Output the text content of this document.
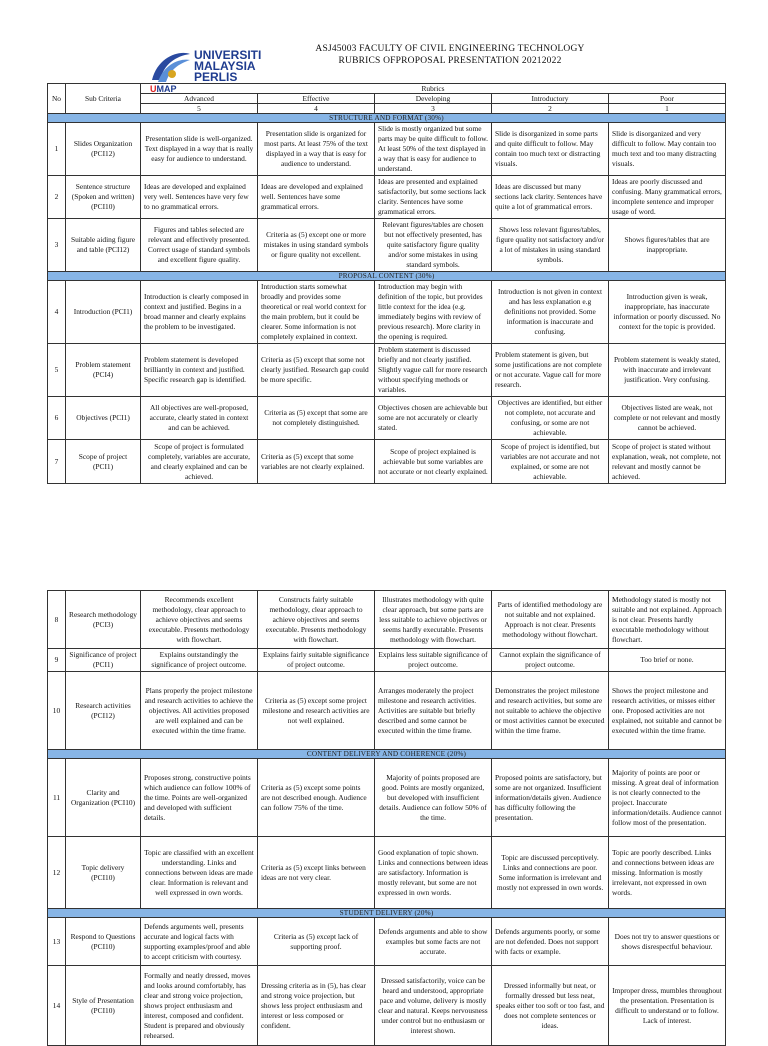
UNIVERSITI
MALAYSIA
PERLIS
UMAP
ASJ45003 FACULTY OF CIVIL ENGINEERING TECHNOLOGY
RUBRICS OFPROPOSAL PRESENTATION 20212022
No	Sub Criteria	Rubrics				
		Advanced	Effective	Developing	Introductory	Poor
		5	4	3	2	1
STRUCTURE AND FORMAT (30%)						
1	Slides Organization (PCI12)	Presentation slide is well-organized. Text displayed in a way that is really easy for audience to understand.	Presentation slide is organized for most parts. At least 75% of the text displayed in a way that is easy for audience to understand.	Slide is mostly organized but some parts may be quite difficult to follow. At least 50% of the text displayed in a way that is easy for audience to understand.	Slide is disorganized in some parts and quite difficult to follow. May contain too much text or distracting visuals.	Slide is disorganized and very difficult to follow. May contain too much text and too many distracting visuals.
2	Sentence structure (Spoken and written) (PCI10)	Ideas are developed and explained very well. Sentences have very few to no grammatical errors.	Ideas are developed and explained well. Sentences have some grammatical errors.	Ideas are presented and explained satisfactorily, but some sections lack clarity. Sentences have some grammatical errors.	Ideas are discussed but many sections lack clarity. Sentences have quite a lot of grammatical errors.	Ideas are poorly discussed and confusing. Many grammatical errors, incomplete sentence and improper usage of word.
3	Suitable aiding figure and table (PCI12)	Figures and tables selected are relevant and effectively presented. Correct usage of standard symbols and excellent figure quality.	Criteria as (5) except one or more mistakes in using standard symbols or figure quality not excellent.	Relevant figures/tables are chosen but not effectively presented, has quite satisfactory figure quality and/or some mistakes in using standard symbols.	Shows less relevant figures/tables, figure quality not satisfactory and/or a lot of mistakes in using standard symbols.	Shows figures/tables that are inappropriate.
PROPOSAL CONTENT (30%)						
4	Introduction (PCI1)	Introduction is clearly composed in context and justified. Begins in a broad manner and clearly explains the problem to be investigated.	Introduction starts somewhat broadly and provides some theoretical or real world context for the main problem, but it could be clearer. Some information is not completely explained in context.	Introduction may begin with definition of the topic, but provides little context for the idea (e.g. immediately begins with review of previous research). More clarity in the opening is required.	Introduction is not given in context and has less explanation e.g definitions not provided. Some information is inaccurate and confusing.	Introduction given is weak, inappropriate, has inaccurate information or poorly discussed. No context for the topic is provided.
5	Problem statement (PCI4)	Problem statement is developed brilliantly in context and justified. Specific research gap is identified.	Criteria as (5) except that some not clearly justified. Research gap could be more specific.	Problem statement is discussed briefly and not clearly justified. Slightly vague call for more research without specifying methods or variables.	Problem statement is given, but some justifications are not complete or not accurate. Vague call for more research.	Problem statement is weakly stated, with inaccurate and irrelevant justification. Very confusing.
6	Objectives (PCI1)	All objectives are well-proposed, accurate, clearly stated in context and can be achieved.	Criteria as (5) except that some are not completely distinguished.	Objectives chosen are achievable but some are not accurately or clearly stated.	Objectives are identified, but either not complete, not accurate and confusing, or some are not achievable.	Objectives listed are weak, not complete or not relevant and mostly cannot be achieved.
7	Scope of project (PCI1)	Scope of project is formulated completely, variables are accurate, and clearly explained and can be achieved.	Criteria as (5) except that some variables are not clearly explained.	Scope of project explained is achievable but some variables are not accurate or not clearly explained.	Scope of project is identified, but variables are not accurate and not explained, or some are not achievable.	Scope of project is stated without explanation, weak, not complete, not relevant and mostly cannot be achieved.
8	Research methodology (PCI3)	Recommends excellent methodology, clear approach to achieve objectives and seems executable. Presents methodology with flowchart.	Constructs fairly suitable methodology, clear approach to achieve objectives and seems executable. Presents methodology with flowchart.	Illustrates methodology with quite clear approach, but some parts are less suitable to achieve objectives or seems hardly executable. Presents methodology with flowchart.	Parts of identified methodology are not suitable and not explained. Approach is not clear. Presents methodology without flowchart.	Methodology stated is mostly not suitable and not explained. Approach is not clear. Presents hardly executable methodology without flowchart.
9	Significance of project (PCI1)	Explains outstandingly the significance of project outcome.	Explains fairly suitable significance of project outcome.	Explains less suitable significance of project outcome.	Cannot explain the significance of project outcome.	Too brief or none.
10	Research activities (PCI12)	Plans properly the project milestone and research activities to achieve the objectives. All activities proposed are well explained and can be executed within the time frame.	Criteria as (5) except some project milestone and research activities are not well explained.	Arranges moderately the project milestone and research activities. Activities are suitable but briefly described and some cannot be executed within the time frame.	Demonstrates the project milestone and research activities, but some are not suitable to achieve the objective or most activities cannot be executed within the time frame.	Shows the project milestone and research activities, or misses either one. Proposed activities are not explained, not suitable and cannot be executed within the time frame.
CONTENT DELIVERY AND COHERENCE (20%)						
11	Clarity and Organization (PCI10)	Proposes strong, constructive points which audience can follow 100% of the time. Points are well-organized and developed with sufficient details.	Criteria as (5) except some points are not described enough. Audience can follow 75% of the time.	Majority of points proposed are good. Points are mostly organized, but developed with insufficient details. Audience can follow 50% of the time.	Proposed points are satisfactory, but some are not organized. Insufficient information/details given. Audience has difficulty following the presentation.	Majority of points are poor or missing. A great deal of information is not clearly connected to the project. Inaccurate information/details. Audience cannot follow most of the presentation.
12	Topic delivery (PCI10)	Topic are classified with an excellent understanding. Links and connections between ideas are made clear. Information is relevant and well expressed in own words.	Criteria as (5) except links between ideas are not very clear.	Good explanation of topic shown. Links and connections between ideas are satisfactory. Information is mostly relevant, but some are not expressed in own words.	Topic are discussed perceptively. Links and connections are poor. Some information is irrelevant and mostly not expressed in own words.	Topic are poorly described. Links and connections between ideas are missing. Information is mostly irrelevant, not expressed in own words.
STUDENT DELIVERY (20%)						
13	Respond to Questions (PCI10)	Defends arguments well, presents accurate and logical facts with supporting examples/proof and able to accept criticism with courtesy.	Criteria as (5) except lack of supporting proof.	Defends arguments and able to show examples but some facts are not accurate.	Defends arguments poorly, or some are not defended. Does not support with facts or example.	Does not try to answer questions or shows disrespectful behaviour.
14	Style of Presentation (PCI10)	Formally and neatly dressed, moves and looks around comfortably, has clear and strong voice projection, shows project enthusiasm and interest, composed and confident. Student is prepared and obviously rehearsed.	Dressing criteria as in (5), has clear and strong voice projection, but shows less project enthusiasm and interest or less composed or confident.	Dressed satisfactorily, voice can be heard and understood, appropriate pace and volume, delivery is mostly clear and natural. Keeps nervousness under control but no enthusiasm or interest shown.	Dressed informally but neat, or formally dressed but less neat, speaks either too soft or too fast, and does not complete sentences or ideas.	Improper dress, mumbles throughout the presentation. Presentation is difficult to understand or to follow. Lack of interest.
